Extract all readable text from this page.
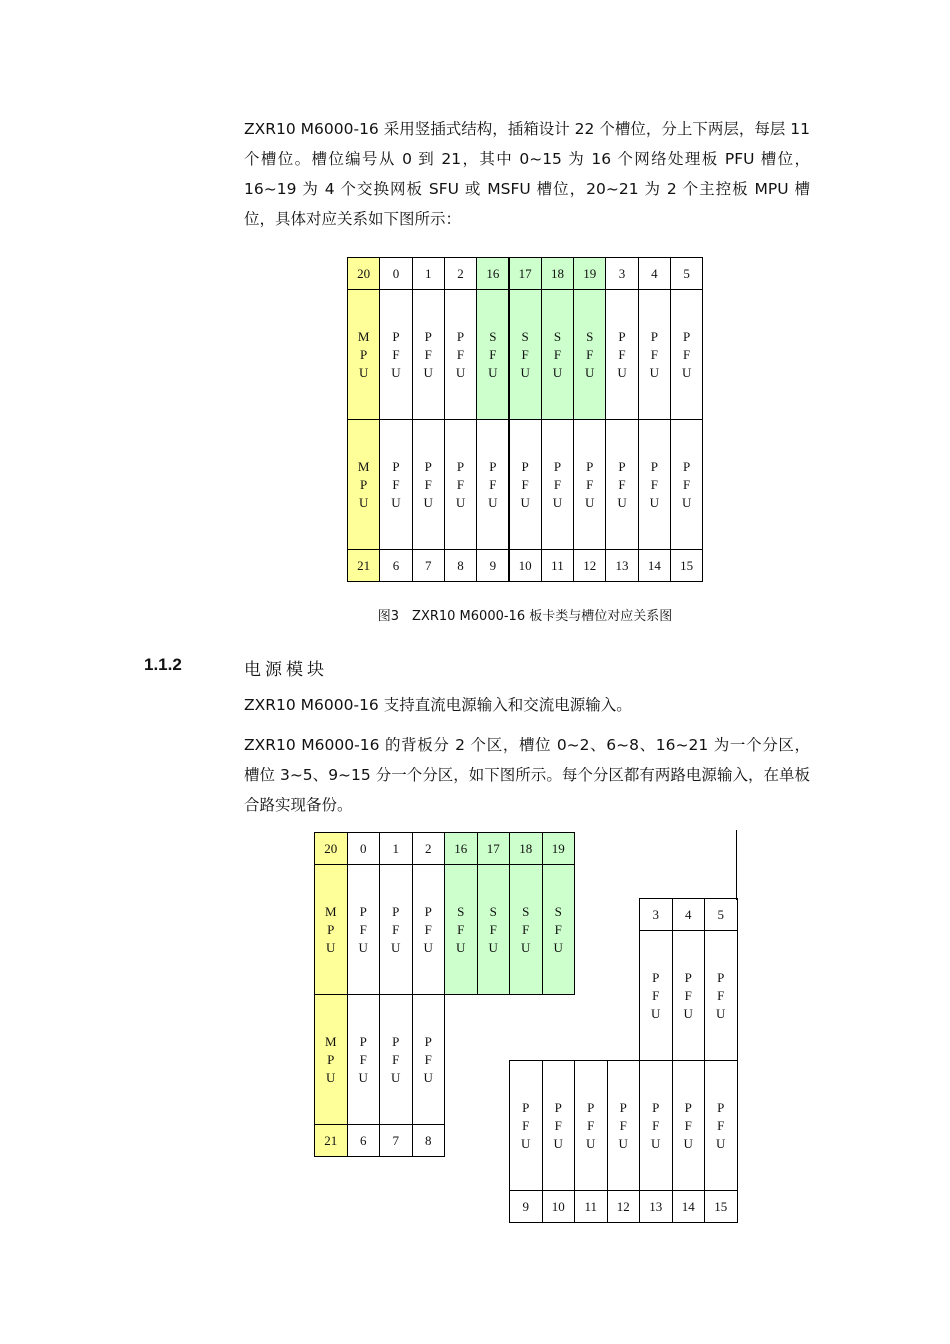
ZXR10 M6000-16 采用竖插式结构，插箱设计 22 个槽位，分上下两层，每层 11 个槽位。槽位编号从 0 到 21，其中 0~15 为 16 个网络处理板 PFU 槽位，16~19 为 4 个交换网板 SFU 或 MSFU 槽位，20~21 为 2 个主控板 MPU 槽位，具体对应关系如下图所示：

20
M
P
U
M
P
U
21
0
P
F
U
P
F
U
6
1
P
F
U
P
F
U
7
2
P
F
U
P
F
U
8
16
S
F
U
P
F
U
9
17
S
F
U
P
F
U
10
18
S
F
U
P
F
U
11
19
S
F
U
P
F
U
12
3
P
F
U
P
F
U
13
4
P
F
U
P
F
U
14
5
P
F
U
P
F
U
15
图3　ZXR10 M6000-16 板卡类与槽位对应关系图
1.1.2	电源模块

ZXR10 M6000-16 支持直流电源输入和交流电源输入。

ZXR10 M6000-16 的背板分 2 个区，槽位 0~2、6~8、16~21 为一个分区，槽位 3~5、9~15 分一个分区，如下图所示。每个分区都有两路电源输入，在单板合路实现备份。

20
M
P
U
0
P
F
U
1
P
F
U
2
P
F
U
16
S
F
U
17
S
F
U
18
S
F
U
19
S
F
U
M
P
U
21
P
F
U
6
P
F
U
7
P
F
U
8
3
P
F
U
4
P
F
U
5
P
F
U
P
F
U
9
P
F
U
10
P
F
U
11
P
F
U
12
P
F
U
13
P
F
U
14
P
F
U
15
